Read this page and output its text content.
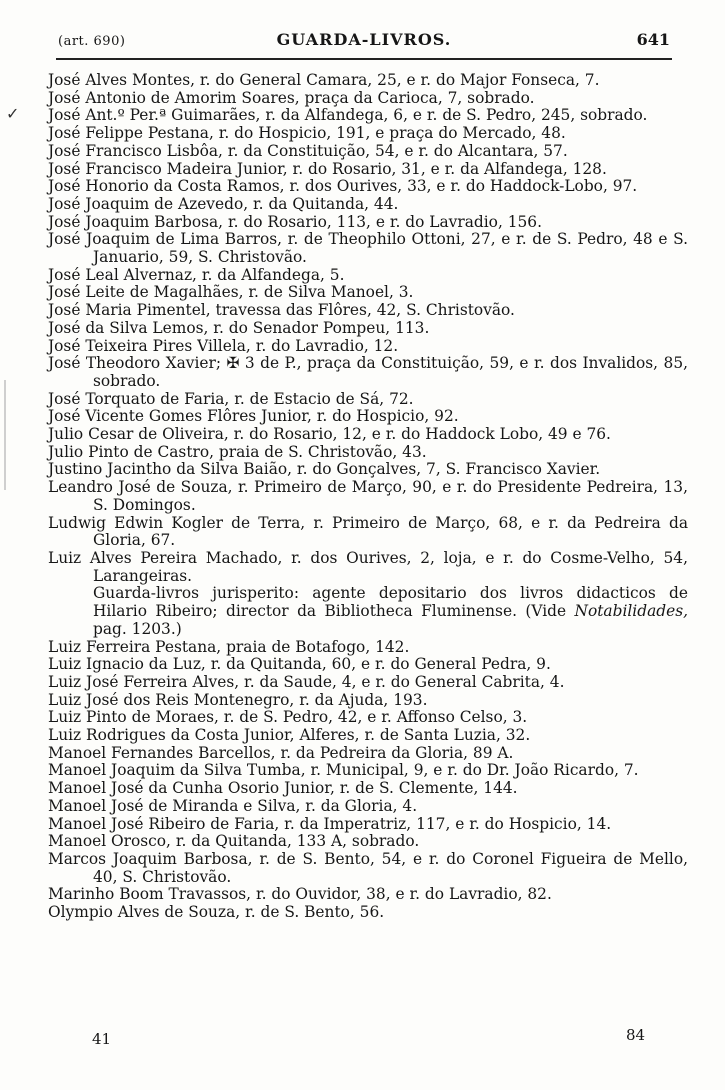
(art. 690)	GUARDA-LIVROS.	641
✓
José Alves Montes, r. do General Camara, 25, e r. do Major Fonseca, 7.
José Antonio de Amorim Soares, praça da Carioca, 7, sobrado.
José Ant.º Per.ª Guimarães, r. da Alfandega, 6, e r. de S. Pedro, 245, sobrado.
José Felippe Pestana, r. do Hospicio, 191, e praça do Mercado, 48.
José Francisco Lisbôa, r. da Constituição, 54, e r. do Alcantara, 57.
José Francisco Madeira Junior, r. do Rosario, 31, e r. da Alfandega, 128.
José Honorio da Costa Ramos, r. dos Ourives, 33, e r. do Haddock-Lobo, 97.
José Joaquim de Azevedo, r. da Quitanda, 44.
José Joaquim Barbosa, r. do Rosario, 113, e r. do Lavradio, 156.
José Joaquim de Lima Barros, r. de Theophilo Ottoni, 27, e r. de S. Pedro, 48 e S. Januario, 59, S. Christovão.
José Leal Alvernaz, r. da Alfandega, 5.
José Leite de Magalhães, r. de Silva Manoel, 3.
José Maria Pimentel, travessa das Flôres, 42, S. Christovão.
José da Silva Lemos, r. do Senador Pompeu, 113.
José Teixeira Pires Villela, r. do Lavradio, 12.
José Theodoro Xavier; ✠ 3 de P., praça da Constituição, 59, e r. dos Invalidos, 85, sobrado.
José Torquato de Faria, r. de Estacio de Sá, 72.
José Vicente Gomes Flôres Junior, r. do Hospicio, 92.
Julio Cesar de Oliveira, r. do Rosario, 12, e r. do Haddock Lobo, 49 e 76.
Julio Pinto de Castro, praia de S. Christovão, 43.
Justino Jacintho da Silva Baião, r. do Gonçalves, 7, S. Francisco Xavier.
Leandro José de Souza, r. Primeiro de Março, 90, e r. do Presidente Pedreira, 13, S. Domingos.
Ludwig Edwin Kogler de Terra, r. Primeiro de Março, 68, e r. da Pedreira da Gloria, 67.
Luiz Alves Pereira Machado, r. dos Ourives, 2, loja, e r. do Cosme-Velho, 54, Larangeiras.
Guarda-livros jurisperito: agente depositario dos livros didacticos de Hilario Ribeiro; director da Bibliotheca Fluminense. (Vide Notabilidades, pag. 1203.)
Luiz Ferreira Pestana, praia de Botafogo, 142.
Luiz Ignacio da Luz, r. da Quitanda, 60, e r. do General Pedra, 9.
Luiz José Ferreira Alves, r. da Saude, 4, e r. do General Cabrita, 4.
Luiz José dos Reis Montenegro, r. da Ajuda, 193.
Luiz Pinto de Moraes, r. de S. Pedro, 42, e r. Affonso Celso, 3.
Luiz Rodrigues da Costa Junior, Alferes, r. de Santa Luzia, 32.
Manoel Fernandes Barcellos, r. da Pedreira da Gloria, 89 A.
Manoel Joaquim da Silva Tumba, r. Municipal, 9, e r. do Dr. João Ricardo, 7.
Manoel José da Cunha Osorio Junior, r. de S. Clemente, 144.
Manoel José de Miranda e Silva, r. da Gloria, 4.
Manoel José Ribeiro de Faria, r. da Imperatriz, 117, e r. do Hospicio, 14.
Manoel Orosco, r. da Quitanda, 133 A, sobrado.
Marcos Joaquim Barbosa, r. de S. Bento, 54, e r. do Coronel Figueira de Mello, 40, S. Christovão.
Marinho Boom Travassos, r. do Ouvidor, 38, e r. do Lavradio, 82.
Olympio Alves de Souza, r. de S. Bento, 56.
41	84
